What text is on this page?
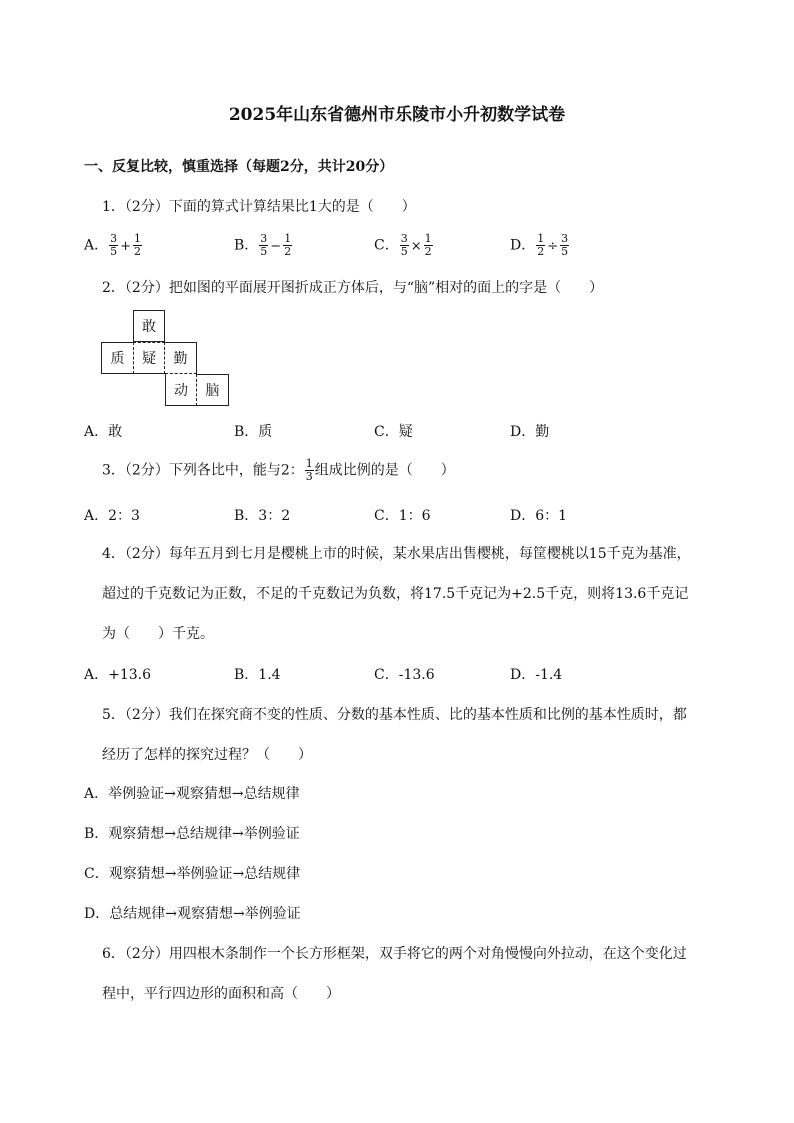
2025年山东省德州市乐陵市小升初数学试卷
一、反复比较，慎重选择（每题2分，共计20分）
1．（2分）下面的算式计算结果比1大的是（　　）
A． $\frac{3}{5} + \frac{1}{2}$	B． $\frac{3}{5} - \frac{1}{2}$	C． $\frac{3}{5} \times \frac{1}{2}$	D． $\frac{1}{2} \div \frac{3}{5}$
2．（2分）把如图的平面展开图折成正方体后，与“脑”相对的面上的字是（　　）
敢
质	疑	勤
动	脑
A．敢	B．质	C．疑	D．勤
3．（2分）下列各比中，能与2： $\frac{1}{3}$ 组成比例的是（　　）
A．2：3	B．3：2	C．1：6	D．6：1
4．（2分）每年五月到七月是樱桃上市的时候，某水果店出售樱桃，每筐樱桃以15千克为基准，
超过的千克数记为正数，不足的千克数记为负数，将17.5千克记为+2.5千克，则将13.6千克记
为（　　）千克。
A．+13.6	B．1.4	C．-13.6	D．-1.4
5．（2分）我们在探究商不变的性质、分数的基本性质、比的基本性质和比例的基本性质时，都
经历了怎样的探究过程？（　　）
A．举例验证→观察猜想→总结规律
B．观察猜想→总结规律→举例验证
C．观察猜想→举例验证→总结规律
D．总结规律→观察猜想→举例验证
6．（2分）用四根木条制作一个长方形框架，双手将它的两个对角慢慢向外拉动，在这个变化过
程中，平行四边形的面积和高（　　）
